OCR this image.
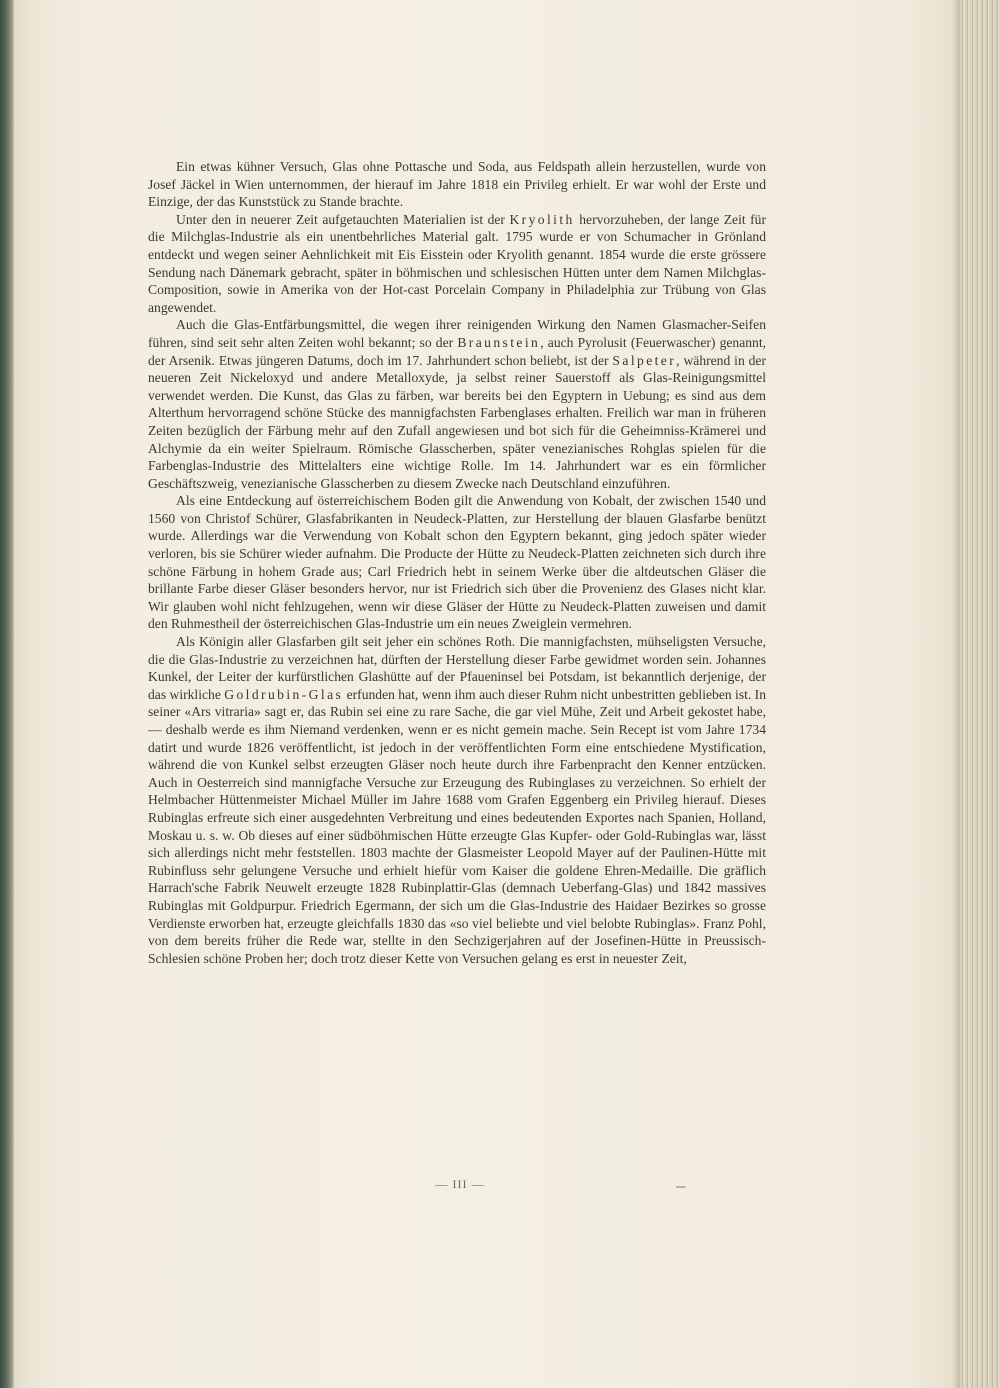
Ein etwas kühner Versuch, Glas ohne Pottasche und Soda, aus Feldspath allein herzustellen, wurde von Josef Jäckel in Wien unternommen, der hierauf im Jahre 1818 ein Privileg erhielt. Er war wohl der Erste und Einzige, der das Kunststück zu Stande brachte.

Unter den in neuerer Zeit aufgetauchten Materialien ist der Kryolith hervorzuheben, der lange Zeit für die Milchglas-Industrie als ein unentbehrliches Material galt. 1795 wurde er von Schumacher in Grönland entdeckt und wegen seiner Aehnlichkeit mit Eis Eisstein oder Kryolith genannt. 1854 wurde die erste grössere Sendung nach Dänemark gebracht, später in böhmischen und schlesischen Hütten unter dem Namen Milchglas-Composition, sowie in Amerika von der Hot-cast Porcelain Company in Philadelphia zur Trübung von Glas angewendet.

Auch die Glas-Entfärbungsmittel, die wegen ihrer reinigenden Wirkung den Namen Glasmacher-Seifen führen, sind seit sehr alten Zeiten wohl bekannt; so der Braunstein, auch Pyrolusit (Feuerwascher) genannt, der Arsenik. Etwas jüngeren Datums, doch im 17. Jahrhundert schon beliebt, ist der Salpeter, während in der neueren Zeit Nickeloxyd und andere Metalloxyde, ja selbst reiner Sauerstoff als Glas-Reinigungsmittel verwendet werden. Die Kunst, das Glas zu färben, war bereits bei den Egyptern in Uebung; es sind aus dem Alterthum hervorragend schöne Stücke des mannigfachsten Farbenglases erhalten. Freilich war man in früheren Zeiten bezüglich der Färbung mehr auf den Zufall angewiesen und bot sich für die Geheimniss-Krämerei und Alchymie da ein weiter Spielraum. Römische Glasscherben, später venezianisches Rohglas spielen für die Farbenglas-Industrie des Mittelalters eine wichtige Rolle. Im 14. Jahrhundert war es ein förmlicher Geschäftszweig, venezianische Glasscherben zu diesem Zwecke nach Deutschland einzuführen.

Als eine Entdeckung auf österreichischem Boden gilt die Anwendung von Kobalt, der zwischen 1540 und 1560 von Christof Schürer, Glasfabrikanten in Neudeck-Platten, zur Herstellung der blauen Glasfarbe benützt wurde. Allerdings war die Verwendung von Kobalt schon den Egyptern bekannt, ging jedoch später wieder verloren, bis sie Schürer wieder aufnahm. Die Producte der Hütte zu Neudeck-Platten zeichneten sich durch ihre schöne Färbung in hohem Grade aus; Carl Friedrich hebt in seinem Werke über die altdeutschen Gläser die brillante Farbe dieser Gläser besonders hervor, nur ist Friedrich sich über die Provenienz des Glases nicht klar. Wir glauben wohl nicht fehlzugehen, wenn wir diese Gläser der Hütte zu Neudeck-Platten zuweisen und damit den Ruhmestheil der österreichischen Glas-Industrie um ein neues Zweiglein vermehren.

Als Königin aller Glasfarben gilt seit jeher ein schönes Roth. Die mannigfachsten, mühseligsten Versuche, die die Glas-Industrie zu verzeichnen hat, dürften der Herstellung dieser Farbe gewidmet worden sein. Johannes Kunkel, der Leiter der kurfürstlichen Glashütte auf der Pfaueninsel bei Potsdam, ist bekanntlich derjenige, der das wirkliche Goldrubin-Glas erfunden hat, wenn ihm auch dieser Ruhm nicht unbestritten geblieben ist. In seiner «Ars vitraria» sagt er, das Rubin sei eine zu rare Sache, die gar viel Mühe, Zeit und Arbeit gekostet habe, — deshalb werde es ihm Niemand verdenken, wenn er es nicht gemein mache. Sein Recept ist vom Jahre 1734 datirt und wurde 1826 veröffentlicht, ist jedoch in der veröffentlichten Form eine entschiedene Mystification, während die von Kunkel selbst erzeugten Gläser noch heute durch ihre Farbenpracht den Kenner entzücken. Auch in Oesterreich sind mannigfache Versuche zur Erzeugung des Rubinglases zu verzeichnen. So erhielt der Helmbacher Hüttenmeister Michael Müller im Jahre 1688 vom Grafen Eggenberg ein Privileg hierauf. Dieses Rubinglas erfreute sich einer ausgedehnten Verbreitung und eines bedeutenden Exportes nach Spanien, Holland, Moskau u. s. w. Ob dieses auf einer südböhmischen Hütte erzeugte Glas Kupfer- oder Gold-Rubinglas war, lässt sich allerdings nicht mehr feststellen. 1803 machte der Glasmeister Leopold Mayer auf der Paulinen-Hütte mit Rubinfluss sehr gelungene Versuche und erhielt hiefür vom Kaiser die goldene Ehren-Medaille. Die gräflich Harrach'sche Fabrik Neuwelt erzeugte 1828 Rubinplattir-Glas (demnach Ueberfang-Glas) und 1842 massives Rubinglas mit Goldpurpur. Friedrich Egermann, der sich um die Glas-Industrie des Haidaer Bezirkes so grosse Verdienste erworben hat, erzeugte gleichfalls 1830 das «so viel beliebte und viel belobte Rubinglas». Franz Pohl, von dem bereits früher die Rede war, stellte in den Sechzigerjahren auf der Josefinen-Hütte in Preussisch-Schlesien schöne Proben her; doch trotz dieser Kette von Versuchen gelang es erst in neuester Zeit,

— III —
